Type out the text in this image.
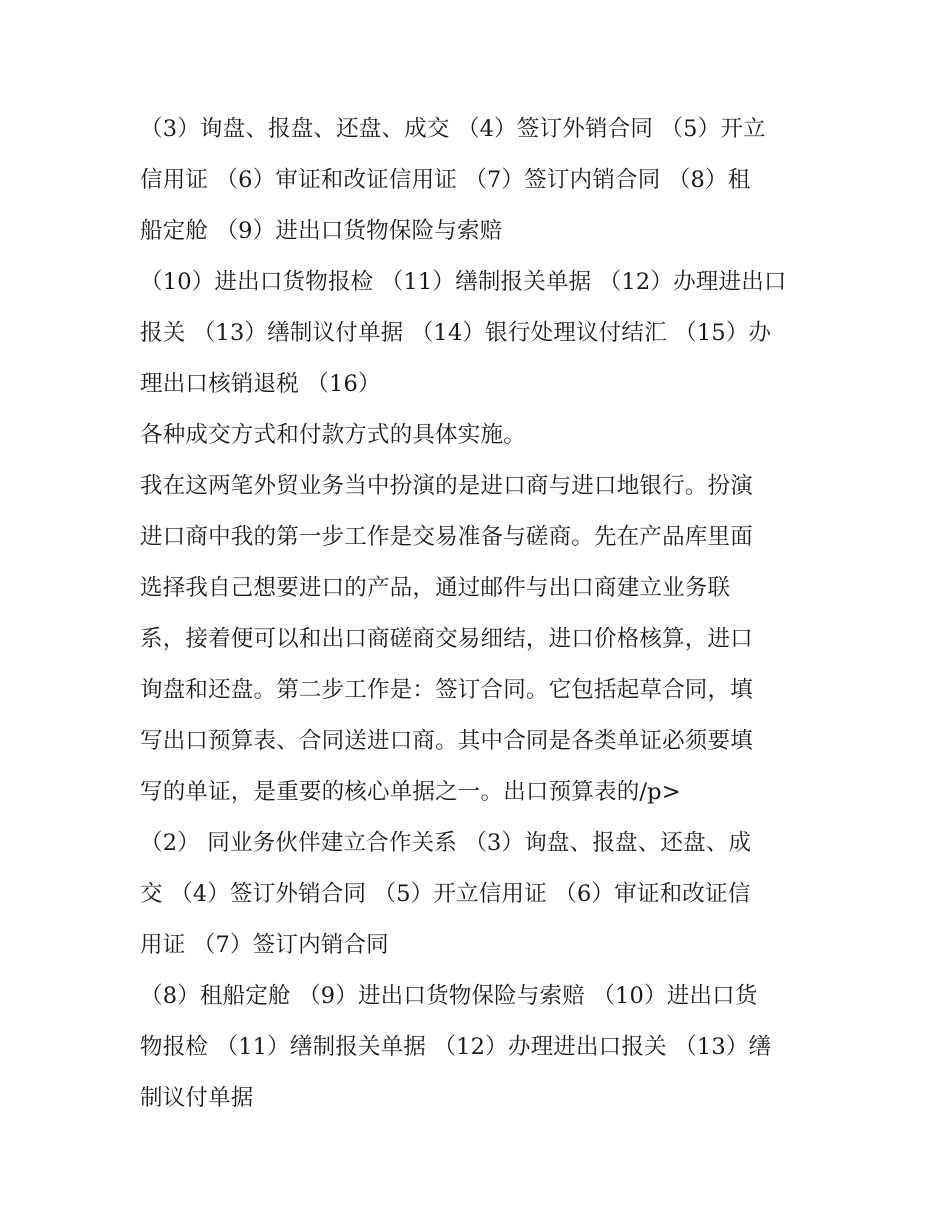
（3）询盘、报盘、还盘、成交 （4）签订外销合同 （5）开立
信用证 （6）审证和改证信用证 （7）签订内销合同 （8）租
船定舱 （9）进出口货物保险与索赔
（10）进出口货物报检 （11）缮制报关单据 （12）办理进出口
报关 （13）缮制议付单据 （14）银行处理议付结汇 （15）办
理出口核销退税 （16）
各种成交方式和付款方式的具体实施。
我在这两笔外贸业务当中扮演的是进口商与进口地银行。扮演
进口商中我的第一步工作是交易准备与磋商。先在产品库里面
选择我自己想要进口的产品，通过邮件与出口商建立业务联
系，接着便可以和出口商磋商交易细结，进口价格核算，进口
询盘和还盘。第二步工作是：签订合同。它包括起草合同，填
写出口预算表、合同送进口商。其中合同是各类单证必须要填
写的单证，是重要的核心单据之一。出口预算表的/p>
（2） 同业务伙伴建立合作关系 （3）询盘、报盘、还盘、成
交 （4）签订外销合同 （5）开立信用证 （6）审证和改证信
用证 （7）签订内销合同
（8）租船定舱 （9）进出口货物保险与索赔 （10）进出口货
物报检 （11）缮制报关单据 （12）办理进出口报关 （13）缮
制议付单据
